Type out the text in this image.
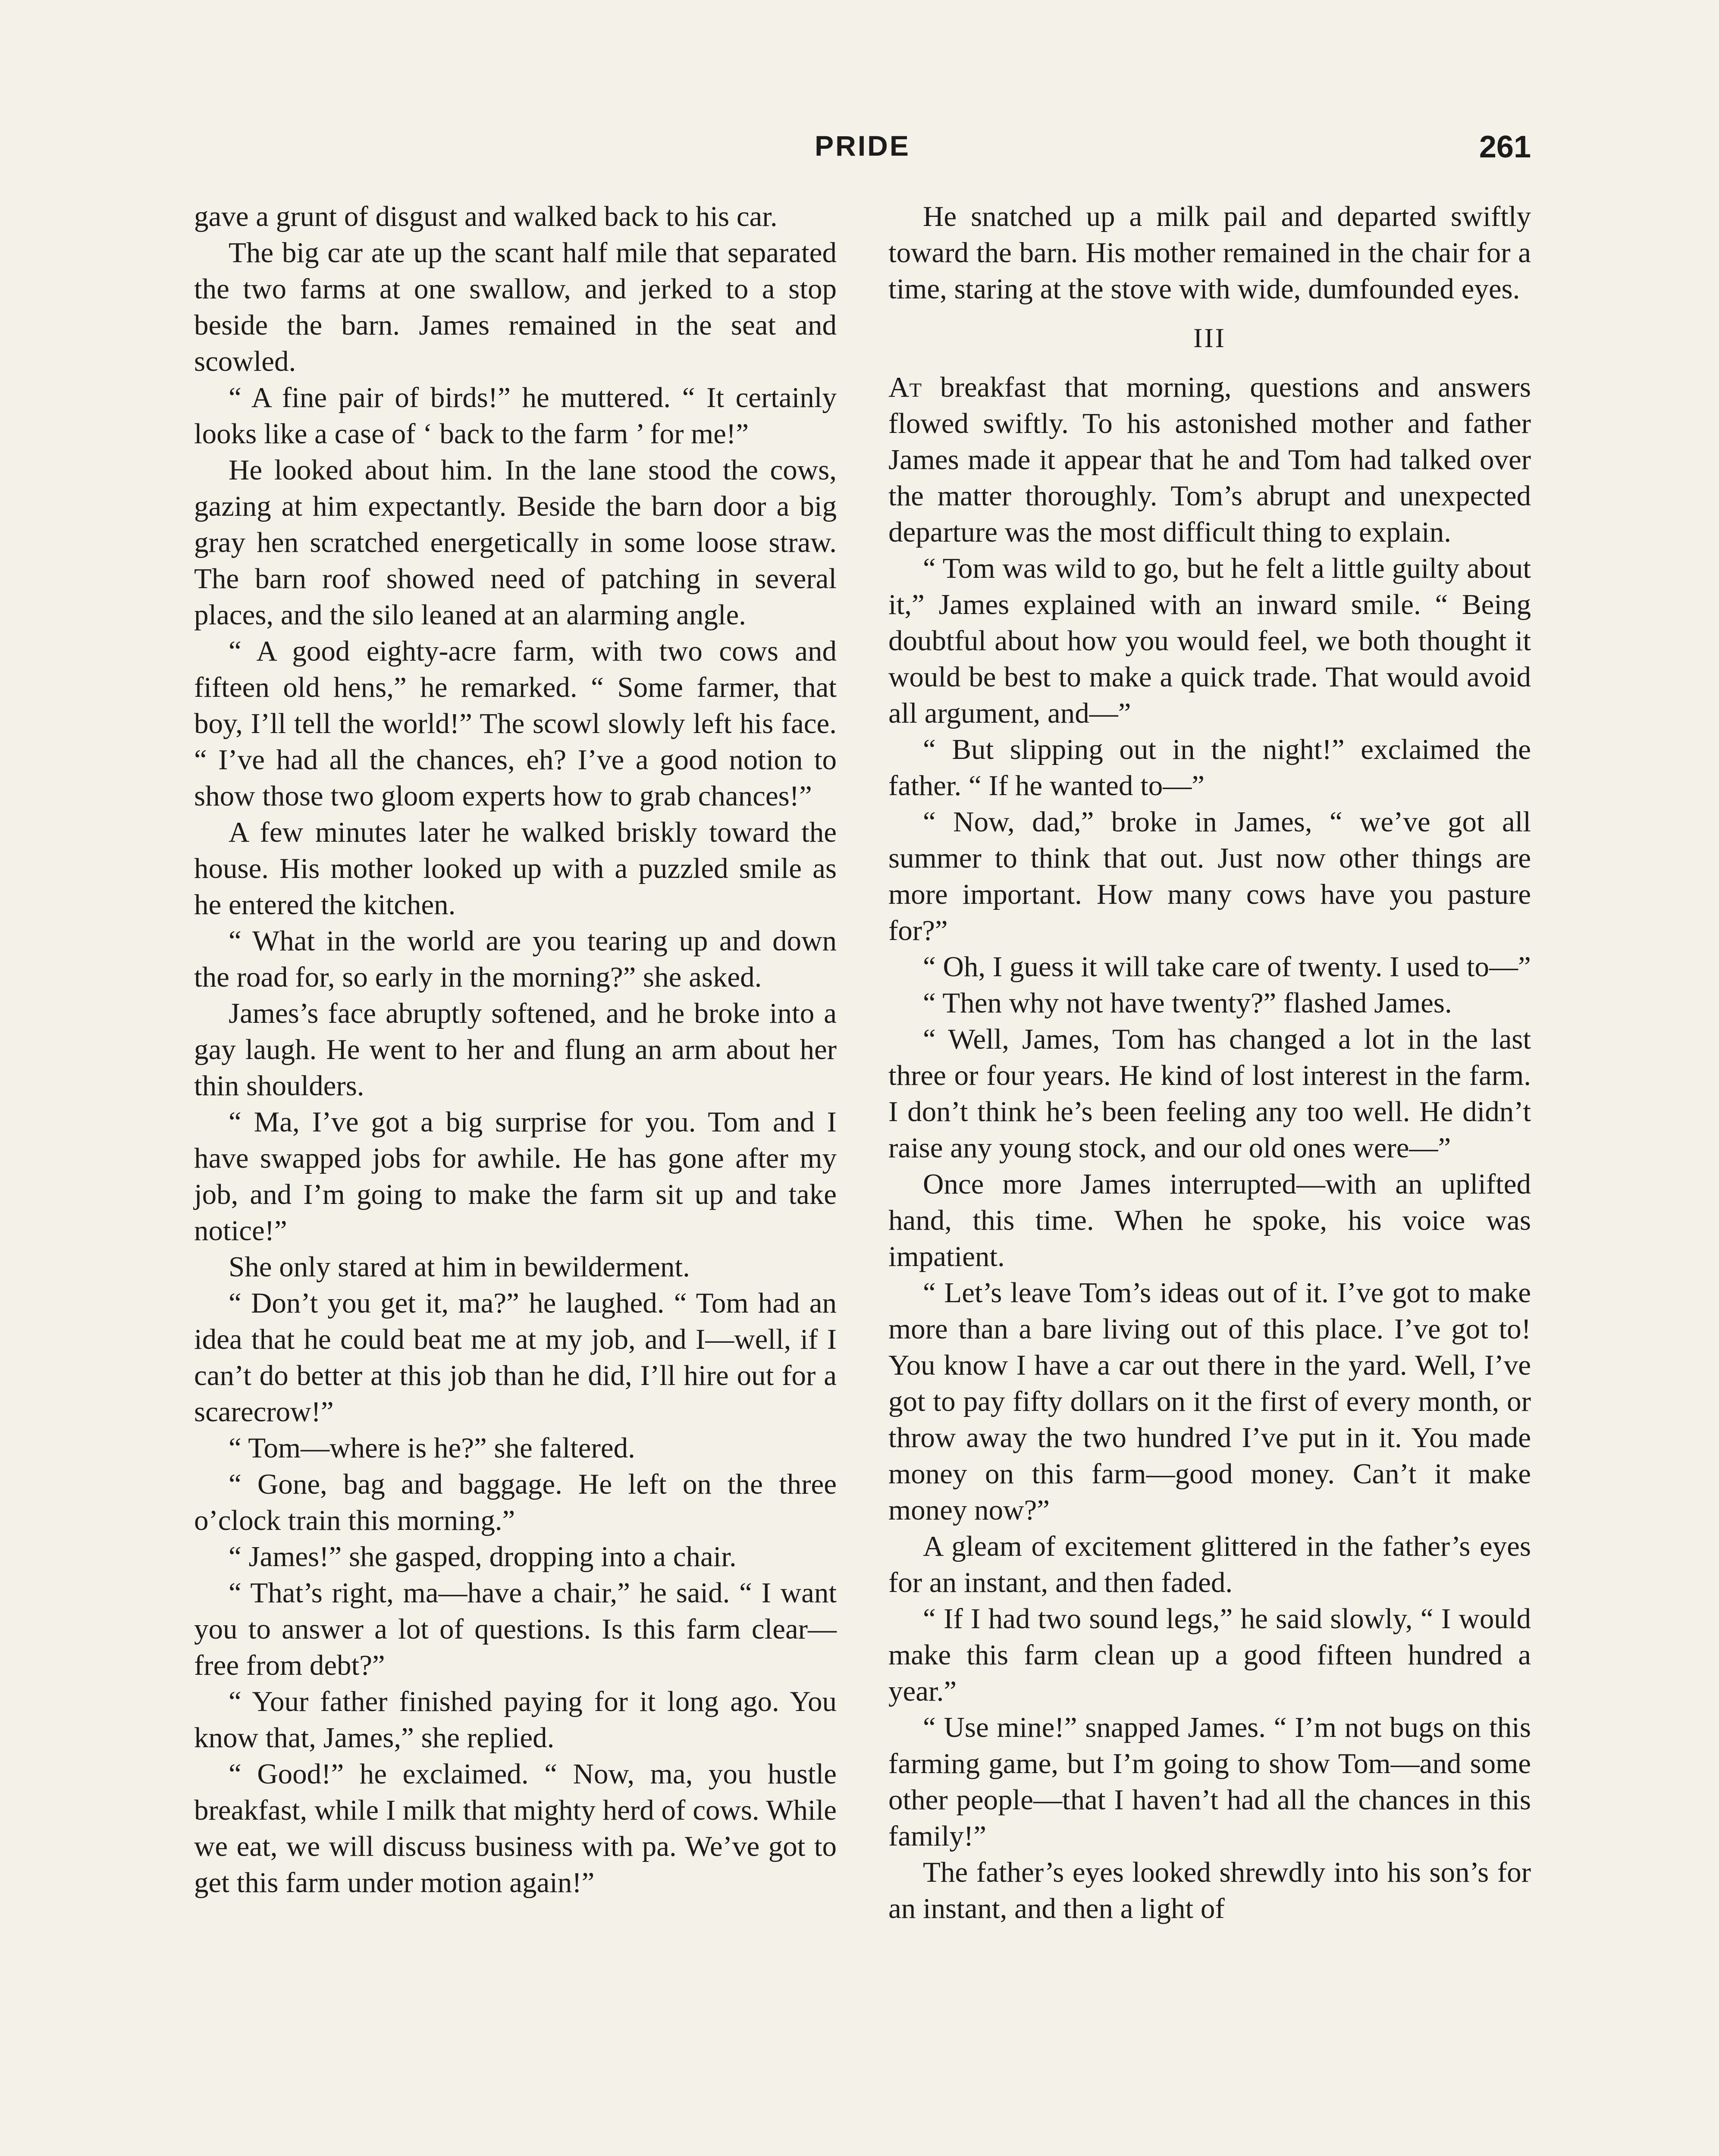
PRIDE	261

gave a grunt of disgust and walked back to his car.

The big car ate up the scant half mile that separated the two farms at one swallow, and jerked to a stop beside the barn. James remained in the seat and scowled.

“ A fine pair of birds!” he muttered. “ It certainly looks like a case of ‘ back to the farm ’ for me!”

He looked about him. In the lane stood the cows, gazing at him expectantly. Beside the barn door a big gray hen scratched energetically in some loose straw. The barn roof showed need of patching in several places, and the silo leaned at an alarming angle.

“ A good eighty-acre farm, with two cows and fifteen old hens,” he remarked. “ Some farmer, that boy, I’ll tell the world!” The scowl slowly left his face. “ I’ve had all the chances, eh? I’ve a good notion to show those two gloom experts how to grab chances!”

A few minutes later he walked briskly toward the house. His mother looked up with a puzzled smile as he entered the kitchen.

“ What in the world are you tearing up and down the road for, so early in the morning?” she asked.

James’s face abruptly softened, and he broke into a gay laugh. He went to her and flung an arm about her thin shoulders.

“ Ma, I’ve got a big surprise for you. Tom and I have swapped jobs for awhile. He has gone after my job, and I’m going to make the farm sit up and take notice!”

She only stared at him in bewilderment.

“ Don’t you get it, ma?” he laughed. “ Tom had an idea that he could beat me at my job, and I—well, if I can’t do better at this job than he did, I’ll hire out for a scarecrow!”

“ Tom—where is he?” she faltered.

“ Gone, bag and baggage. He left on the three o’clock train this morning.”

“ James!” she gasped, dropping into a chair.

“ That’s right, ma—have a chair,” he said. “ I want you to answer a lot of questions. Is this farm clear—free from debt?”

“ Your father finished paying for it long ago. You know that, James,” she replied.

“ Good!” he exclaimed. “ Now, ma, you hustle breakfast, while I milk that mighty herd of cows. While we eat, we will discuss business with pa. We’ve got to get this farm under motion again!”

He snatched up a milk pail and departed swiftly toward the barn. His mother remained in the chair for a time, staring at the stove with wide, dumfounded eyes.

III

At breakfast that morning, questions and answers flowed swiftly. To his astonished mother and father James made it appear that he and Tom had talked over the matter thoroughly. Tom’s abrupt and unexpected departure was the most difficult thing to explain.

“ Tom was wild to go, but he felt a little guilty about it,” James explained with an inward smile. “ Being doubtful about how you would feel, we both thought it would be best to make a quick trade. That would avoid all argument, and—”

“ But slipping out in the night!” exclaimed the father. “ If he wanted to—”

“ Now, dad,” broke in James, “ we’ve got all summer to think that out. Just now other things are more important. How many cows have you pasture for?”

“ Oh, I guess it will take care of twenty. I used to—”

“ Then why not have twenty?” flashed James.

“ Well, James, Tom has changed a lot in the last three or four years. He kind of lost interest in the farm. I don’t think he’s been feeling any too well. He didn’t raise any young stock, and our old ones were—”

Once more James interrupted—with an uplifted hand, this time. When he spoke, his voice was impatient.

“ Let’s leave Tom’s ideas out of it. I’ve got to make more than a bare living out of this place. I’ve got to! You know I have a car out there in the yard. Well, I’ve got to pay fifty dollars on it the first of every month, or throw away the two hundred I’ve put in it. You made money on this farm—good money. Can’t it make money now?”

A gleam of excitement glittered in the father’s eyes for an instant, and then faded.

“ If I had two sound legs,” he said slowly, “ I would make this farm clean up a good fifteen hundred a year.”

“ Use mine!” snapped James. “ I’m not bugs on this farming game, but I’m going to show Tom—and some other people—that I haven’t had all the chances in this family!”

The father’s eyes looked shrewdly into his son’s for an instant, and then a light of
